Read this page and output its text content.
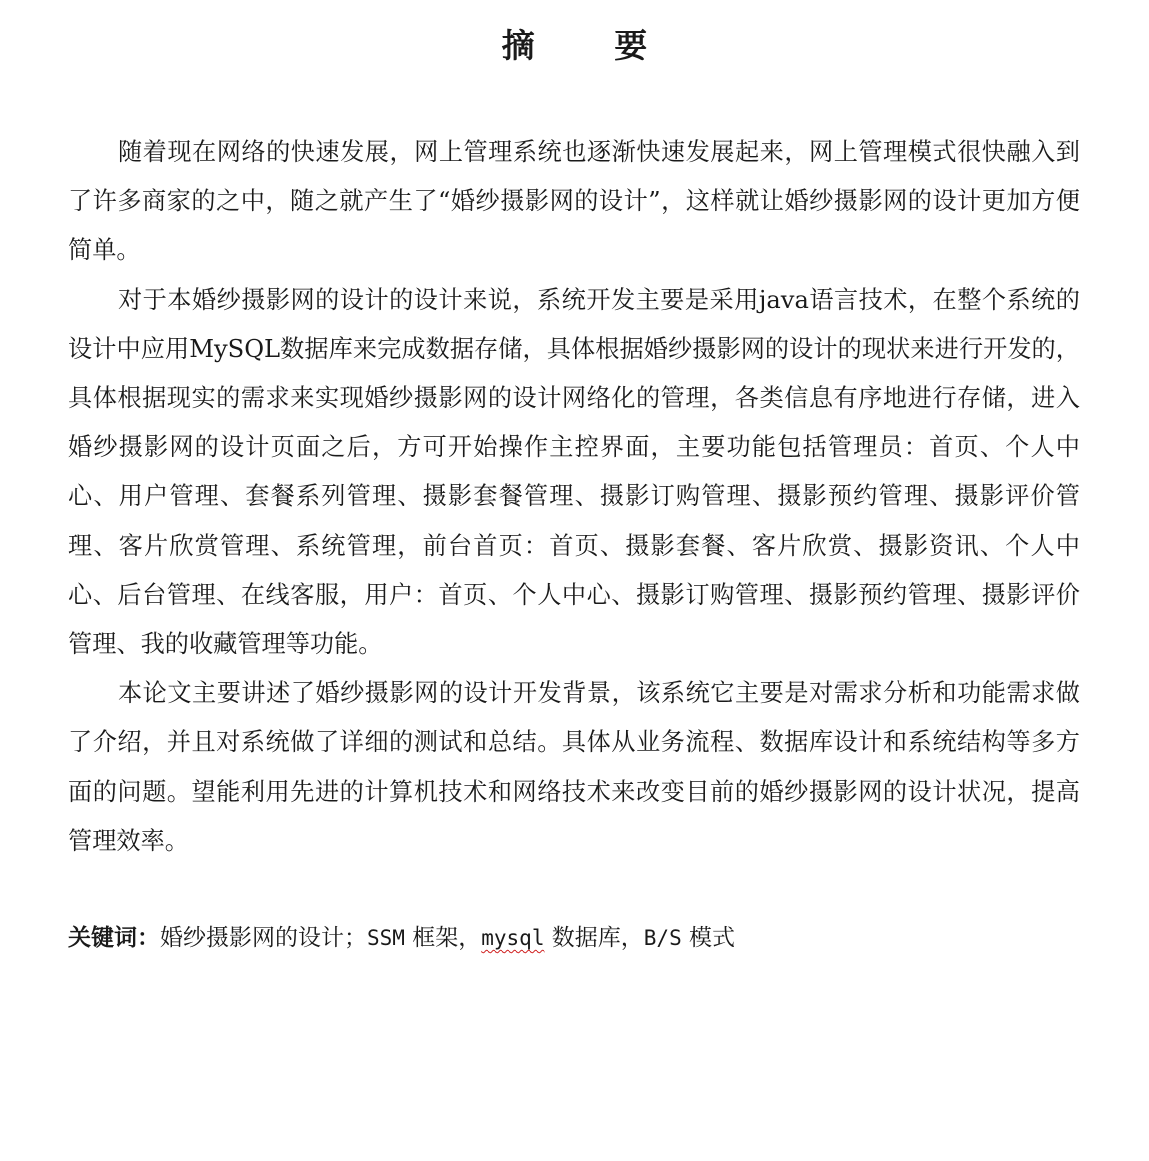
摘 要

随着现在网络的快速发展，网上管理系统也逐渐快速发展起来，网上管理模式很快融入到了许多商家的之中，随之就产生了“婚纱摄影网的设计”，这样就让婚纱摄影网的设计更加方便简单。

对于本婚纱摄影网的设计的设计来说，系统开发主要是采用java语言技术，在整个系统的设计中应用MySQL数据库来完成数据存储，具体根据婚纱摄影网的设计的现状来进行开发的，具体根据现实的需求来实现婚纱摄影网的设计网络化的管理，各类信息有序地进行存储，进入婚纱摄影网的设计页面之后，方可开始操作主控界面，主要功能包括管理员：首页、个人中心、用户管理、套餐系列管理、摄影套餐管理、摄影订购管理、摄影预约管理、摄影评价管理、客片欣赏管理、系统管理，前台首页：首页、摄影套餐、客片欣赏、摄影资讯、个人中心、后台管理、在线客服，用户：首页、个人中心、摄影订购管理、摄影预约管理、摄影评价管理、我的收藏管理等功能。

本论文主要讲述了婚纱摄影网的设计开发背景，该系统它主要是对需求分析和功能需求做了介绍，并且对系统做了详细的测试和总结。具体从业务流程、数据库设计和系统结构等多方面的问题。望能利用先进的计算机技术和网络技术来改变目前的婚纱摄影网的设计状况，提高管理效率。

关键词：婚纱摄影网的设计；SSM 框架，mysql 数据库，B/S 模式
